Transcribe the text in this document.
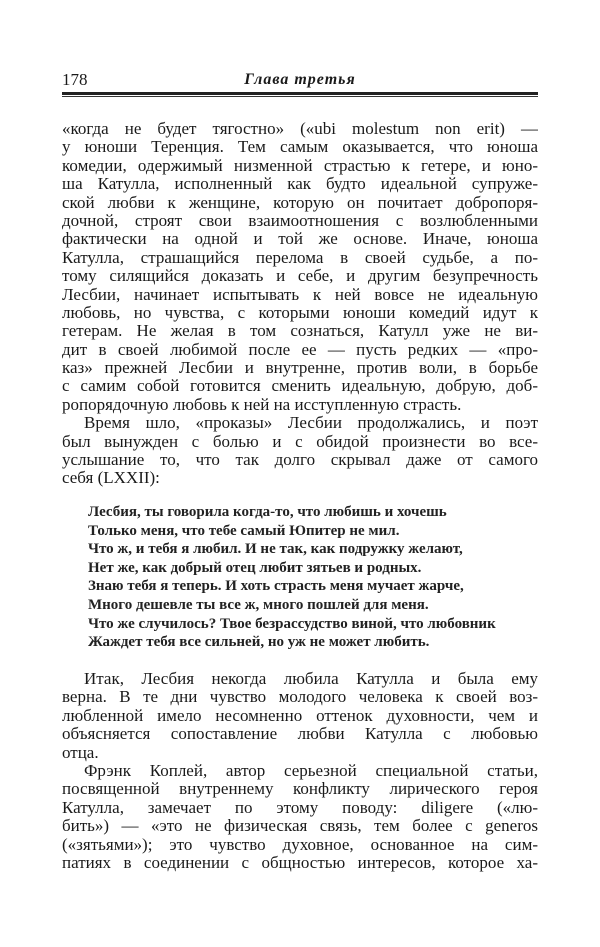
178	Глава третья
«когда не будет тягостно» («ubi molestum non erit) —
у юноши Теренция. Тем самым оказывается, что юноша
комедии, одержимый низменной страстью к гетере, и юно-
ша Катулла, исполненный как будто идеальной супруже-
ской любви к женщине, которую он почитает добропоря-
дочной, строят свои взаимоотношения с возлюбленными
фактически на одной и той же основе. Иначе, юноша
Катулла, страшащийся перелома в своей судьбе, а по-
тому силящийся доказать и себе, и другим безупречность
Лесбии, начинает испытывать к ней вовсе не идеальную
любовь, но чувства, с которыми юноши комедий идут к
гетерам. Не желая в том сознаться, Катулл уже не ви-
дит в своей любимой после ее — пусть редких — «про-
каз» прежней Лесбии и внутренне, против воли, в борьбе
с самим собой готовится сменить идеальную, добрую, доб-
ропорядочную любовь к ней на исступленную страсть.
Время шло, «проказы» Лесбии продолжались, и поэт
был вынужден с болью и с обидой произнести во все-
услышание то, что так долго скрывал даже от самого
себя (LXXII):
Лесбия, ты говорила когда-то, что любишь и хочешь
Только меня, что тебе самый Юпитер не мил.
Что ж, и тебя я любил. И не так, как подружку желают,
Нет же, как добрый отец любит зятьев и родных.
Знаю тебя я теперь. И хоть страсть меня мучает жарче,
Много дешевле ты все ж, много пошлей для меня.
Что же случилось? Твое безрассудство виной, что любовник
Жаждет тебя все сильней, но уж не может любить.
Итак, Лесбия некогда любила Катулла и была ему
верна. В те дни чувство молодого человека к своей воз-
любленной имело несомненно оттенок духовности, чем и
объясняется сопоставление любви Катулла с любовью
отца.
Фрэнк Коплей, автор серьезной специальной статьи,
посвященной внутреннему конфликту лирического героя
Катулла, замечает по этому поводу: diligere («лю-
бить») — «это не физическая связь, тем более с generos
(«зятьями»); это чувство духовное, основанное на сим-
патиях в соединении с общностью интересов, которое ха-
